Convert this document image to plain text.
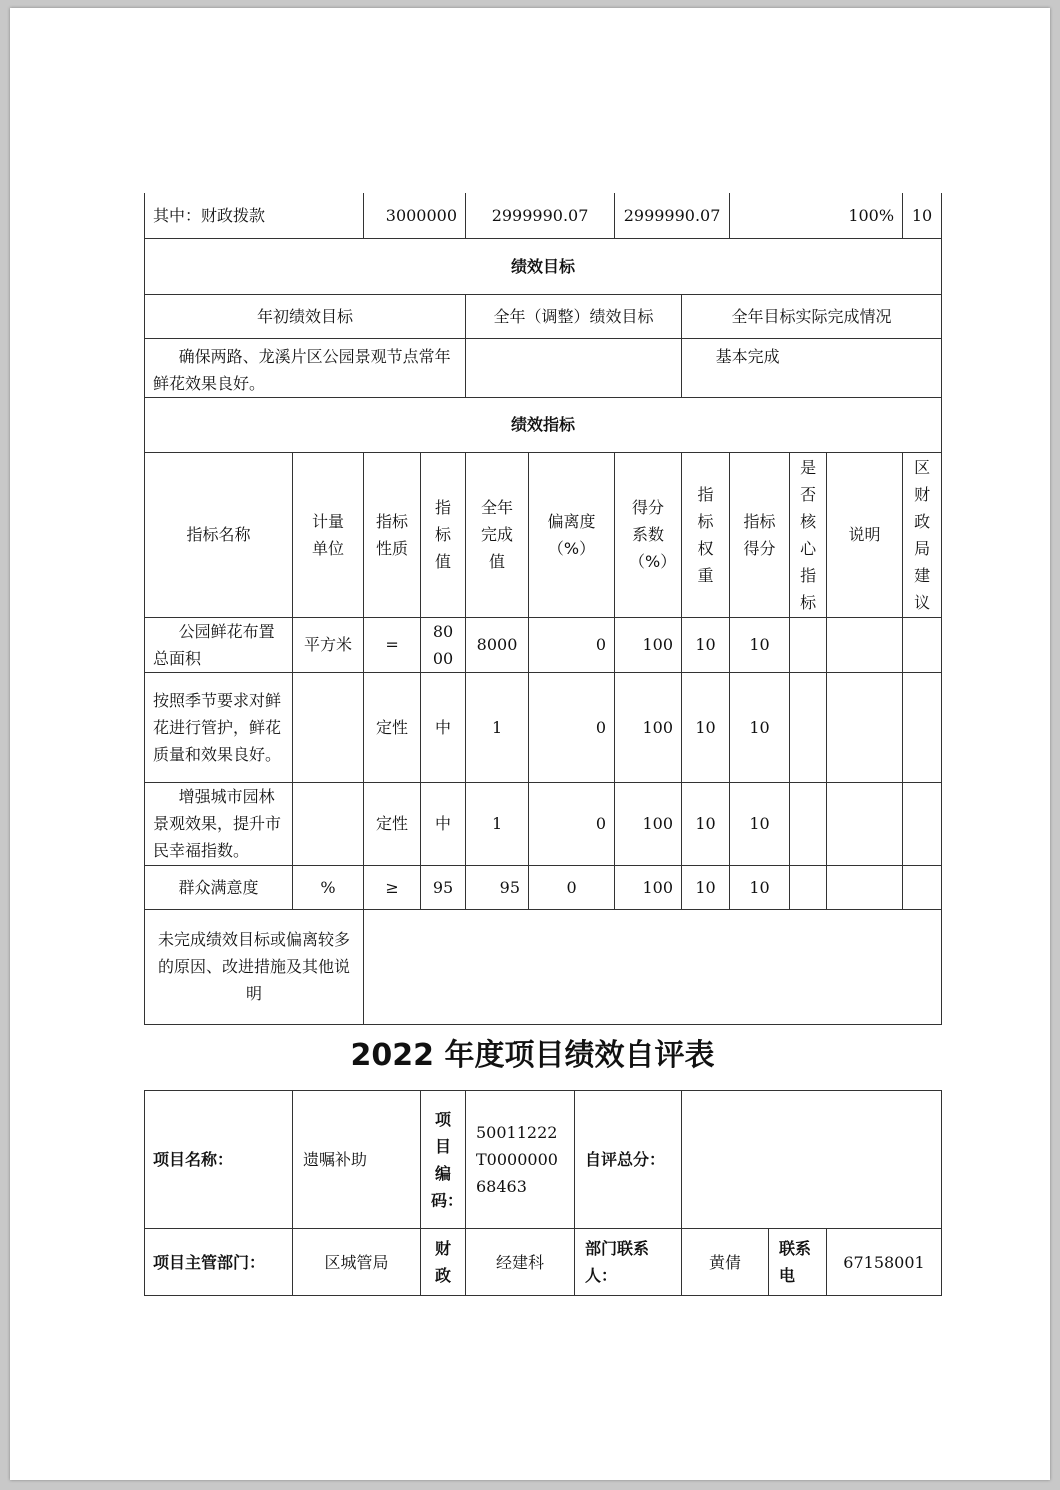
其中：财政拨款		3000000		2999990.07		2999990.07		100%			10	
绩效目标												
年初绩效目标				全年（调整）绩效目标			全年目标实际完成情况					
确保两路、龙溪片区公园景观节点常年鲜花效果良好。							基本完成					
绩效指标												
指标名称	计量单位	指标性质	指标值	全年完成值	偏离度（%）	得分系数（%）	指标权重	指标得分	是否核心指标	说明	区财政局建议	
公园鲜花布置总面积	平方米	=	8000	8000	0	100	10	10				
按照季节要求对鲜花进行管护，鲜花质量和效果良好。		定性	中	1	0	100	10	10				
增强城市园林景观效果，提升市民幸福指数。		定性	中	1	0	100	10	10				
群众满意度	%	≥	95	95	0	100	10	10				
未完成绩效目标或偏离较多的原因、改进措施及其他说明												
2022 年度项目绩效自评表
项目名称：	遗嘱补助	项目编码：	50011222T000000068463	自评总分：			
项目主管部门：	区城管局	财政	经建科	部门联系人：	黄倩	联系电	67158001
